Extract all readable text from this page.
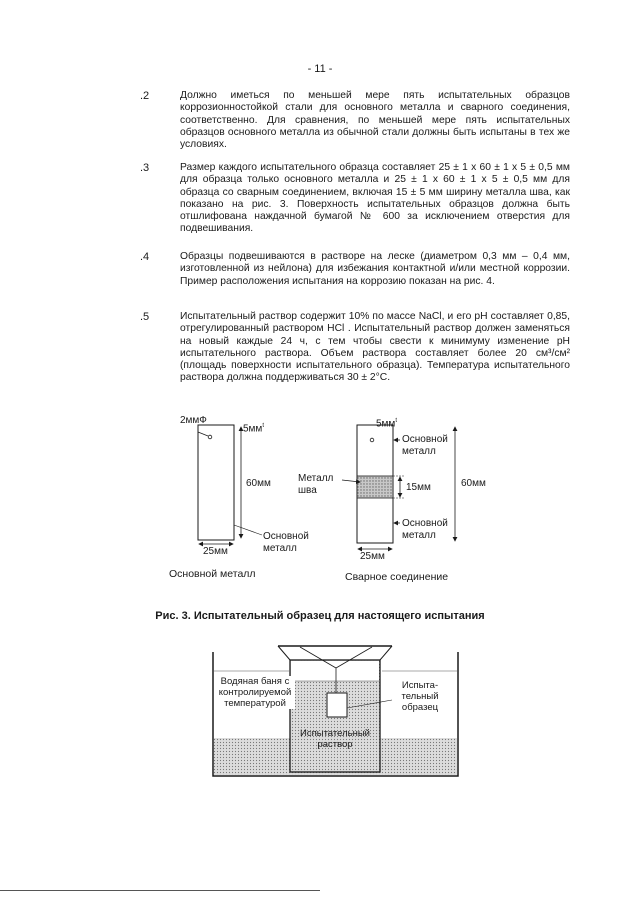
- 11 -
.2	Должно иметься по меньшей мере пять испытательных образцов коррозионностойкой стали для основного металла и сварного соединения, соответственно. Для сравнения, по меньшей мере пять испытательных образцов основного металла из обычной стали должны быть испытаны в тех же условиях.

.3	Размер каждого испытательного образца составляет 25 ± 1 х 60 ± 1 х 5 ± 0,5 мм для образца только основного металла и 25 ± 1 х 60 ± 1 х 5 ± 0,5 мм для образца со сварным соединением, включая 15 ± 5 мм ширину металла шва, как показано на рис. 3. Поверхность испытательных образцов должна быть отшлифована наждачной бумагой № 600 за исключением отверстия для подвешивания.

.4	Образцы подвешиваются в растворе на леске (диаметром 0,3 мм – 0,4 мм, изготовленной из нейлона) для избежания контактной и/или местной коррозии. Пример расположения испытания на коррозию показан на рис. 4.

.5	Испытательный раствор содержит 10% по массе NaCl, и его pH составляет 0,85, отрегулированный раствором HCl . Испытательный раствор должен заменяться на новый каждые 24 ч, с тем чтобы свести к минимуму изменение pH испытательного раствора. Объем раствора составляет более 20 см³/см² (площадь поверхности испытательного образца). Температура испытательного раствора должна поддерживаться 30 ± 2°С.

2ммФ
$5мм^t$
60мм
25мм
Основной
металл
Основной металл
$5мм^t$
Основной
металл
Металл
шва	15мм	60мм
Основной
металл
25мм
Сварное соединение
Рис. 3. Испытательный образец для настоящего испытания
Водяная баня с
контролируемой
температурой
Испыта-
тельный
образец
Испытательный
раствор
